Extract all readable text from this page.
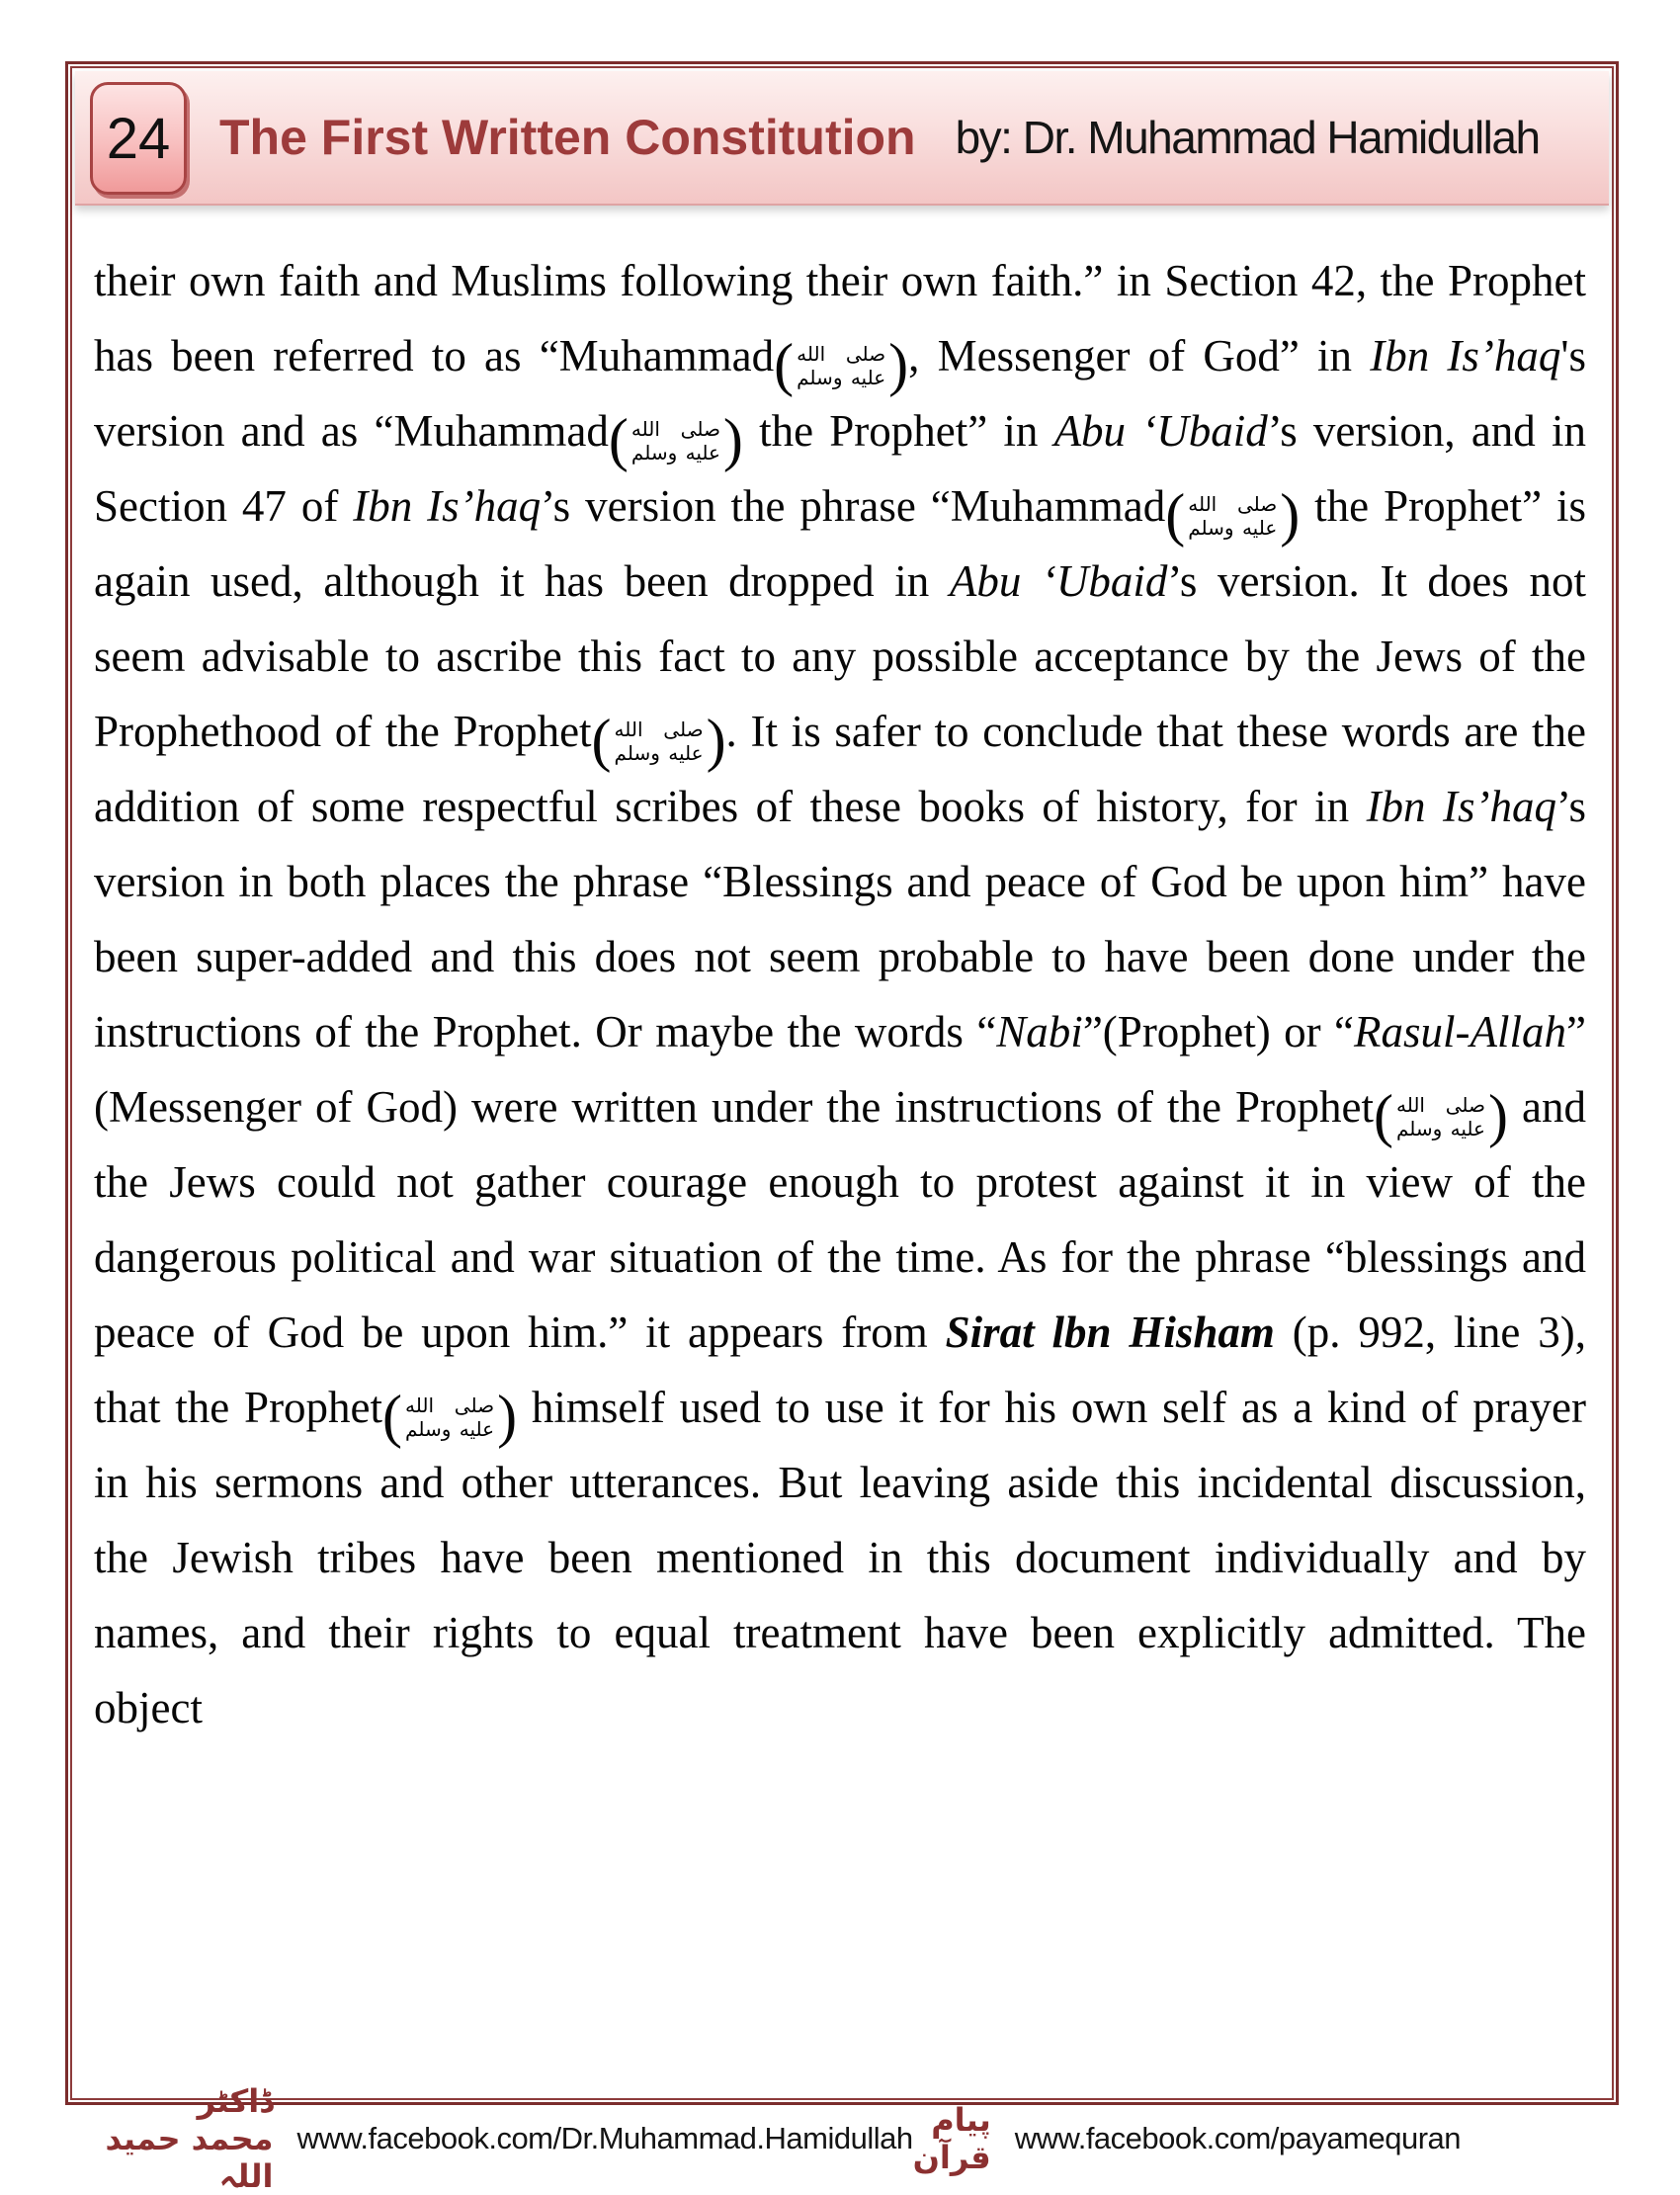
24 The First Written Constitution by: Dr. Muhammad Hamidullah
their own faith and Muslims following their own faith.” in Section 42, the Prophet has been referred to as “Muhammad ( صلى الله
عليه وسلم ) , Messenger of God” in Ibn Is’haq's version and as “Muhammad ( صلى الله
عليه وسلم ) the Prophet” in Abu ‘Ubaid’s version, and in Section 47 of Ibn Is’haq’s version the phrase “Muhammad ( صلى الله
عليه وسلم ) the Prophet” is again used, although it has been dropped in Abu ‘Ubaid’s version. It does not seem advisable to ascribe this fact to any possible acceptance by the Jews of the Prophethood of the Prophet ( صلى الله
عليه وسلم ) . It is safer to conclude that these words are the addition of some respectful scribes of these books of history, for in Ibn Is’haq’s version in both places the phrase “Blessings and peace of God be upon him” have been super-added and this does not seem probable to have been done under the instructions of the Prophet. Or maybe the words “Nabi”(Prophet) or “Rasul-Allah” (Messenger of God) were written under the instructions of the Prophet ( صلى الله
عليه وسلم ) and the Jews could not gather courage enough to protest against it in view of the dangerous political and war situation of the time. As for the phrase “blessings and peace of God be upon him.” it appears from Sirat lbn Hisham (p. 992, line 3), that the Prophet ( صلى الله
عليه وسلم ) himself used to use it for his own self as a kind of prayer in his sermons and other utterances. But leaving aside this incidental discussion, the Jewish tribes have been mentioned in this document individually and by names, and their rights to equal treatment have been explicitly admitted. The object
ڈاکٹر محمد حمید اللہ
www.facebook.com/Dr.Muhammad.Hamidullah پیام قرآن
www.facebook.com/payamequran
